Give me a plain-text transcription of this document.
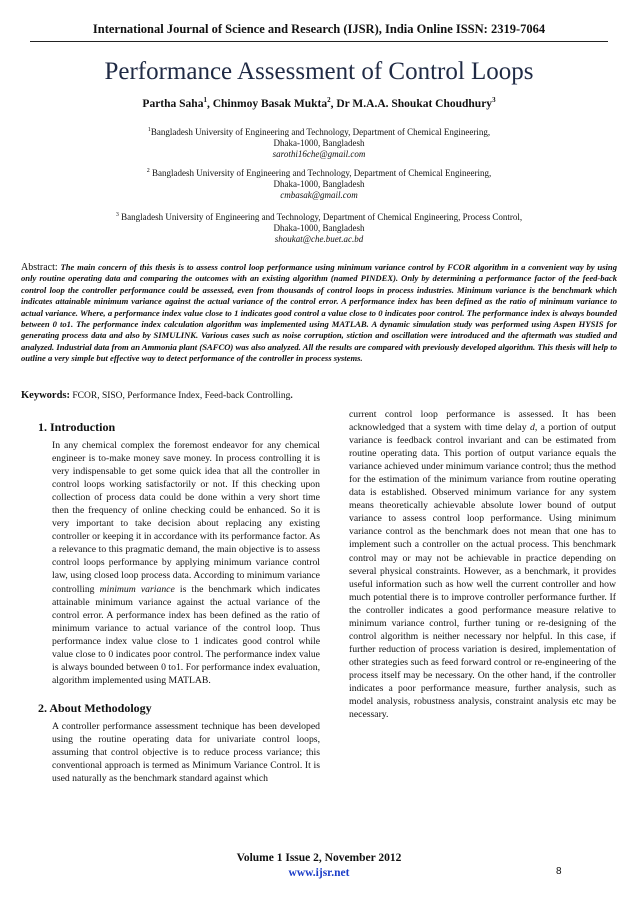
International Journal of Science and Research (IJSR), India Online ISSN: 2319-7064
Performance Assessment of Control Loops
Partha Saha$^1$, Chinmoy Basak Mukta$^2$, Dr M.A.A. Shoukat Choudhury$^3$
$^1$Bangladesh University of Engineering and Technology, Department of Chemical Engineering,
Dhaka-1000, Bangladesh
sarothi16che@gmail.com
$^2$ Bangladesh University of Engineering and Technology, Department of Chemical Engineering,
Dhaka-1000, Bangladesh
cmbasak@gmail.com
$^3$ Bangladesh University of Engineering and Technology, Department of Chemical Engineering, Process Control,
Dhaka-1000, Bangladesh
shoukat@che.buet.ac.bd
Abstract: The main concern of this thesis is to assess control loop performance using minimum variance control by FCOR algorithm in a convenient way by using only routine operating data and comparing the outcomes with an existing algorithm (named PINDEX). Only by determining a performance factor of the feed-back control loop the controller performance could be assessed, even from thousands of control loops in process industries. Minimum variance is the benchmark which indicates attainable minimum variance against the actual variance of the control error. A performance index has been defined as the ratio of minimum variance to actual variance. Where, a performance index value close to 1 indicates good control a value close to 0 indicates poor control. The performance index is always bounded between 0 to1. The performance index calculation algorithm was implemented using MATLAB. A dynamic simulation study was performed using Aspen HYSIS for generating process data and also by SIMULINK. Various cases such as noise corruption, stiction and oscillation were introduced and the aftermath was studied and analyzed. Industrial data from an Ammonia plant (SAFCO) was also analyzed. All the results are compared with previously developed algorithm. This thesis will help to outline a very simple but effective way to detect performance of the controller in process systems.
Keywords: FCOR, SISO, Performance Index, Feed-back Controlling.
1. Introduction

In any chemical complex the foremost endeavor for any chemical engineer is to-make money save money. In process controlling it is very indispensable to get some quick idea that all the controller in control loops working satisfactorily or not. If this checking upon collection of process data could be done within a very short time then the frequency of online checking could be enhanced. So it is very important to take decision about replacing any existing controller or keeping it in accordance with its performance factor. As a relevance to this pragmatic demand, the main objective is to assess control loops performance by applying minimum variance control law, using closed loop process data. According to minimum variance controlling minimum variance is the benchmark which indicates attainable minimum variance against the actual variance of the control error. A performance index has been defined as the ratio of minimum variance to actual variance of the control loop. Thus performance index value close to 1 indicates good control while value close to 0 indicates poor control. The performance index value is always bounded between 0 to1. For performance index evaluation, algorithm implemented using MATLAB.

2. About Methodology

A controller performance assessment technique has been developed using the routine operating data for univariate control loops, assuming that control objective is to reduce process variance; this conventional approach is termed as Minimum Variance Control. It is used naturally as the benchmark standard against which

current control loop performance is assessed. It has been acknowledged that a system with time delay d, a portion of output variance is feedback control invariant and can be estimated from routine operating data. This portion of output variance equals the variance achieved under minimum variance control; thus the method for the estimation of the minimum variance from routine operating data is established. Observed minimum variance for any system means theoretically achievable absolute lower bound of output variance to assess control loop performance. Using minimum variance control as the benchmark does not mean that one has to implement such a controller on the actual process. This benchmark control may or may not be achievable in practice depending on several physical constraints. However, as a benchmark, it provides useful information such as how well the current controller and how much potential there is to improve controller performance further. If the controller indicates a good performance measure relative to minimum variance control, further tuning or re-designing of the control algorithm is neither necessary nor helpful. In this case, if further reduction of process variation is desired, implementation of other strategies such as feed forward control or re-engineering of the process itself may be necessary. On the other hand, if the controller indicates a poor performance measure, further analysis, such as model analysis, robustness analysis, constraint analysis etc may be necessary.

Volume 1 Issue 2, November 2012
www.ijsr.net	8
